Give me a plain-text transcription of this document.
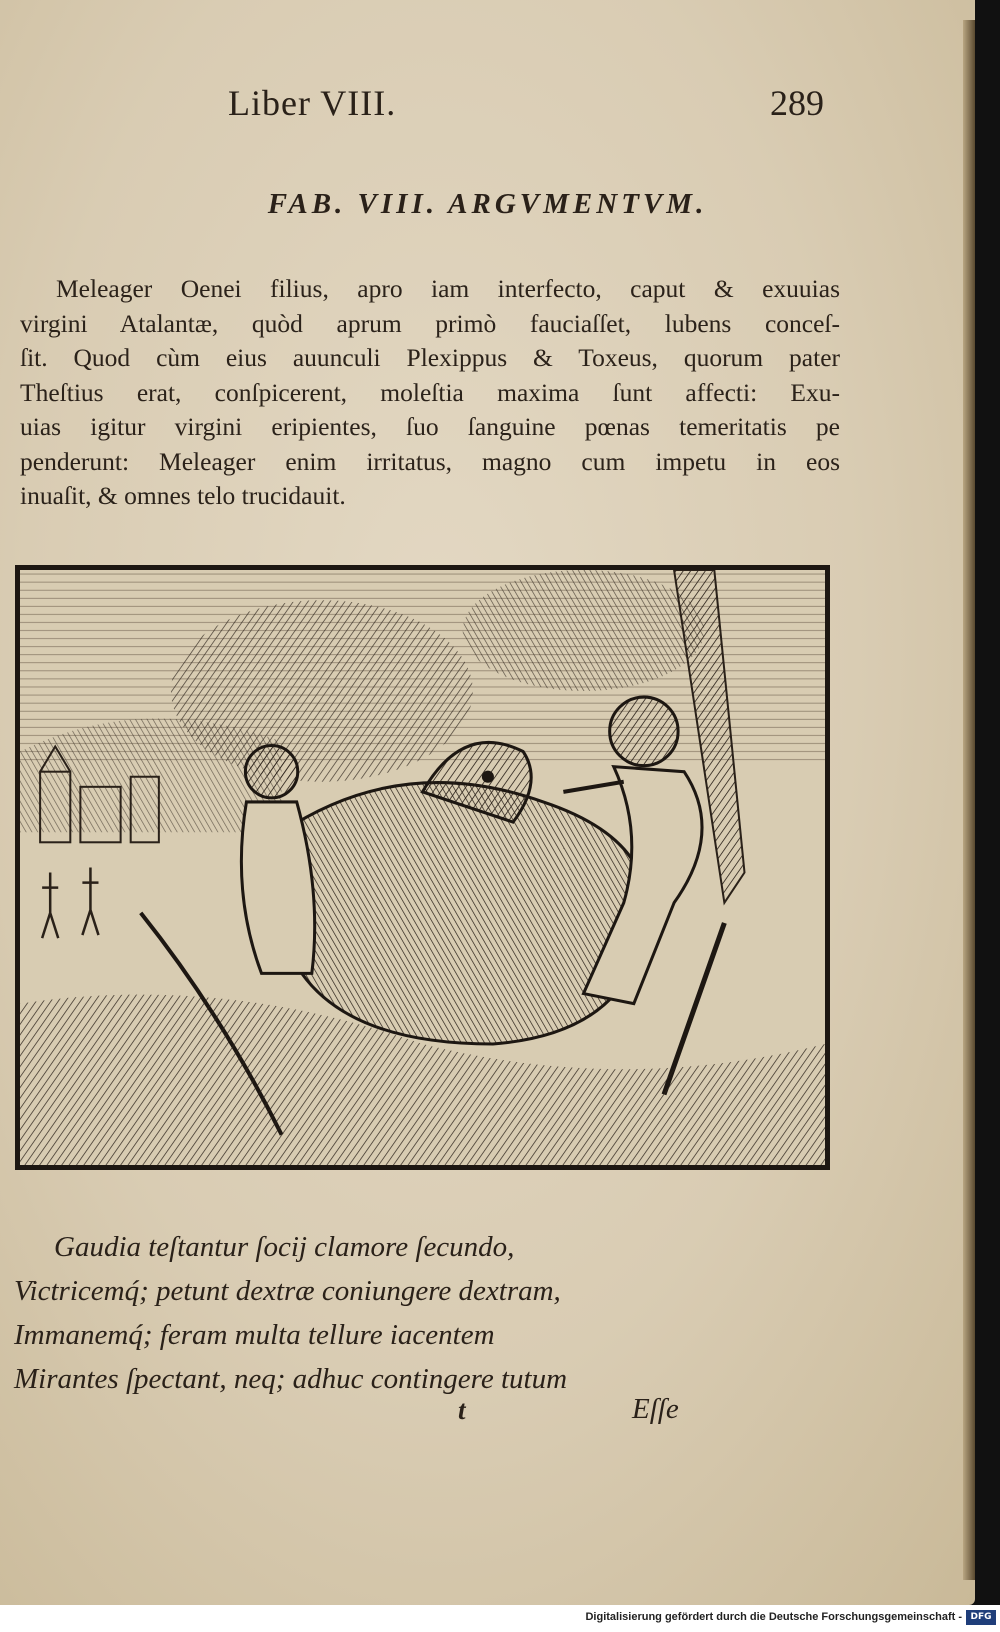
Liber VIII.	289
FAB. VIII. ARGVMENTVM.
Meleager Oenei filius, apro iam interfecto, caput & exuuias
virgini Atalantæ, quòd aprum primò fauciaſſet, lubens conceſ-
ſit. Quod cùm eius auunculi Plexippus & Toxeus, quorum pater
Theſtius erat, conſpicerent, moleſtia maxima ſunt affecti: Exu-
uias igitur virgini eripientes, ſuo ſanguine pœnas temeritatis pe
penderunt: Meleager enim irritatus, magno cum impetu in eos
inuaſit, & omnes telo trucidauit.
Gaudia teſtantur ſocij clamore ſecundo,
Victricemq́; petunt dextræ coniungere dextram,
Immanemq́; feram multa tellure iacentem
Mirantes ſpectant, neq; adhuc contingere tutum
t	Eſſe
Digitalisierung gefördert durch die Deutsche Forschungsgemeinschaft - DFG
